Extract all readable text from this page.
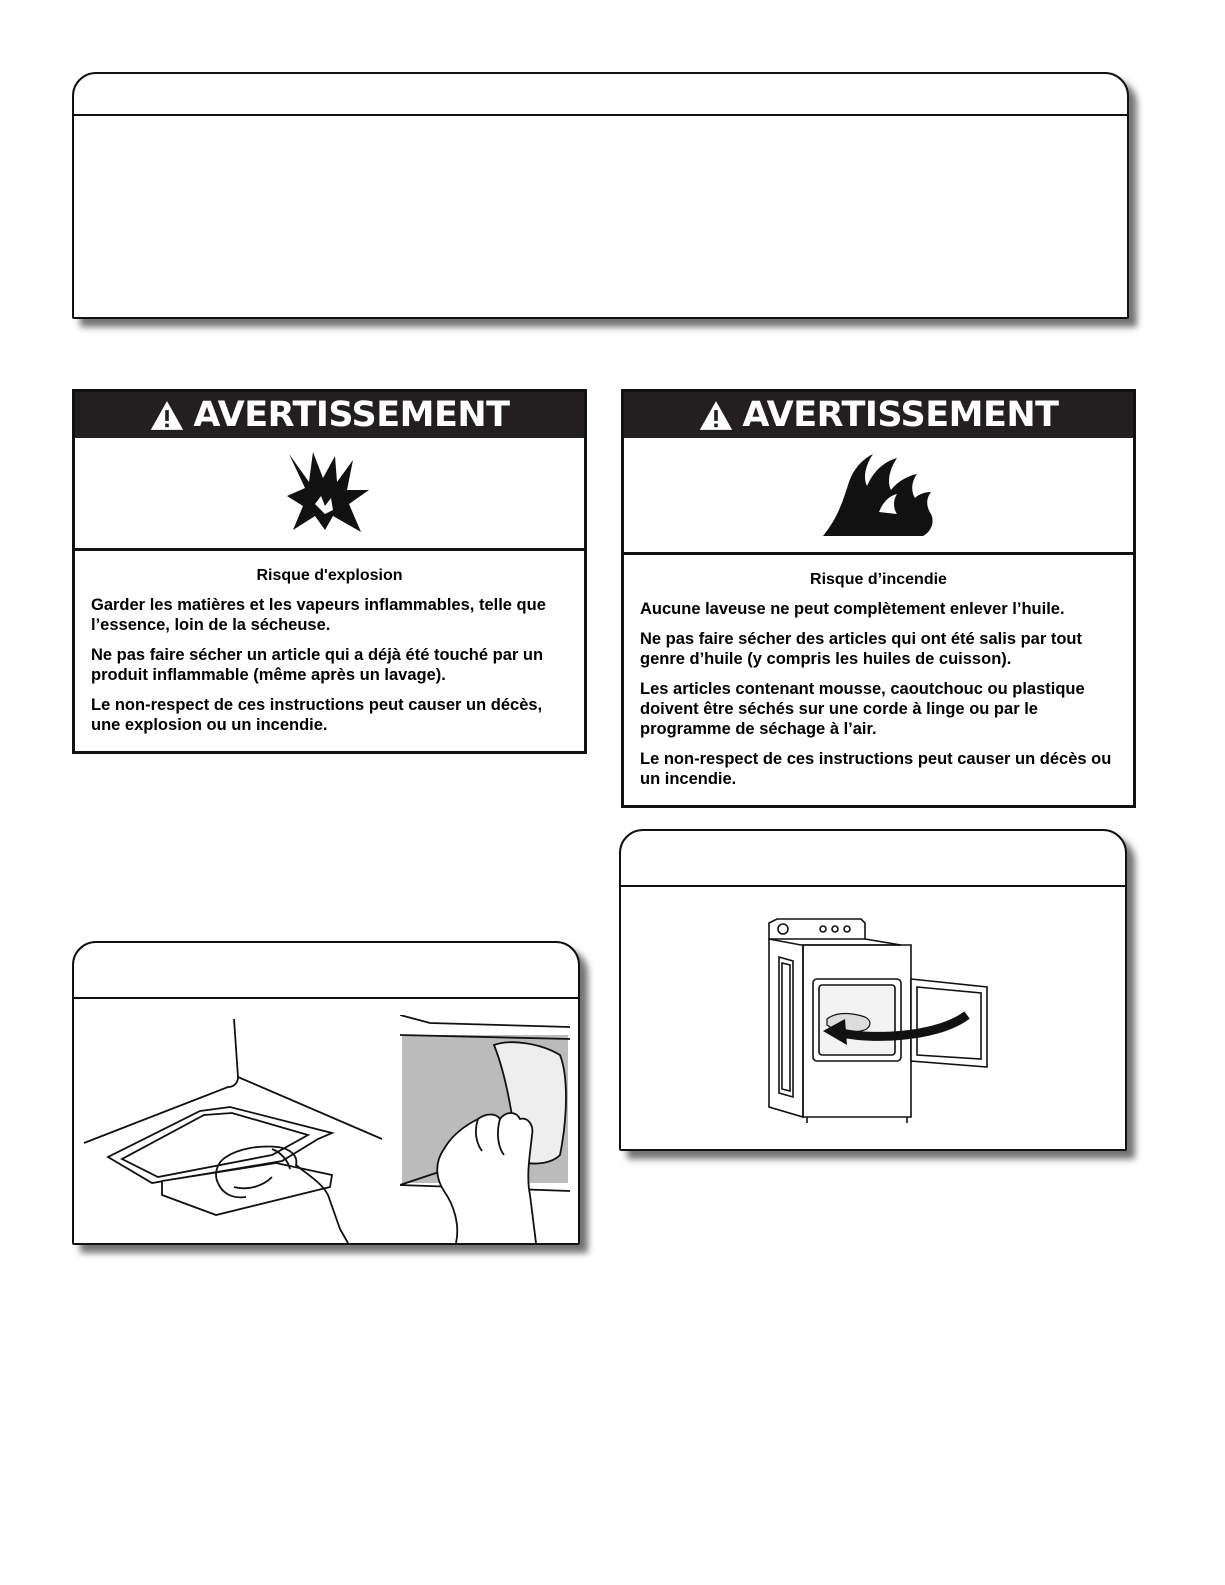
AVERTISSEMENT
Risque d'explosion

Garder les matières et les vapeurs inflammables, telle que l’essence, loin de la sécheuse.

Ne pas faire sécher un article qui a déjà été touché par un produit inflammable (même après un lavage).

Le non-respect de ces instructions peut causer un décès, une explosion ou un incendie.

AVERTISSEMENT
Risque d’incendie

Aucune laveuse ne peut complètement enlever l’huile.

Ne pas faire sécher des articles qui ont été salis par tout genre d’huile (y compris les huiles de cuisson).

Les articles contenant mousse, caoutchouc ou plastique doivent être séchés sur une corde à linge ou par le programme de séchage à l’air.

Le non-respect de ces instructions peut causer un décès ou un incendie.
